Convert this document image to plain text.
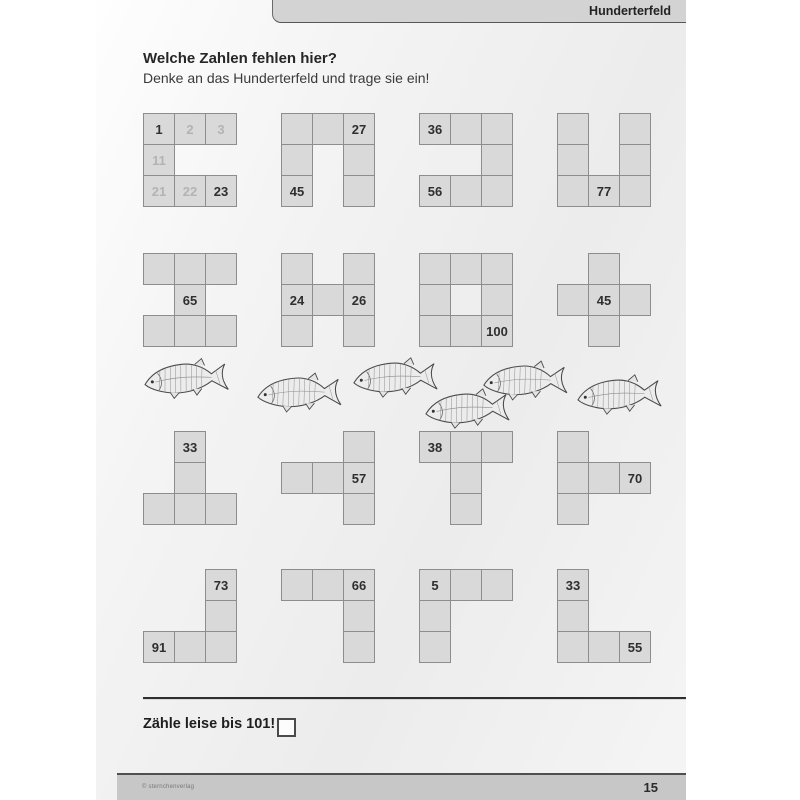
Hunderterfeld
Welche Zahlen fehlen hier?
Denke an das Hunderterfeld und trage sie ein!
1	2	3
11
21	22	23
27
45
36
56	77
65	24	26
100
45
33
57
38
70
73
91
66	5	33
55
Zähle leise bis 101!
© sternchenverlag	15
